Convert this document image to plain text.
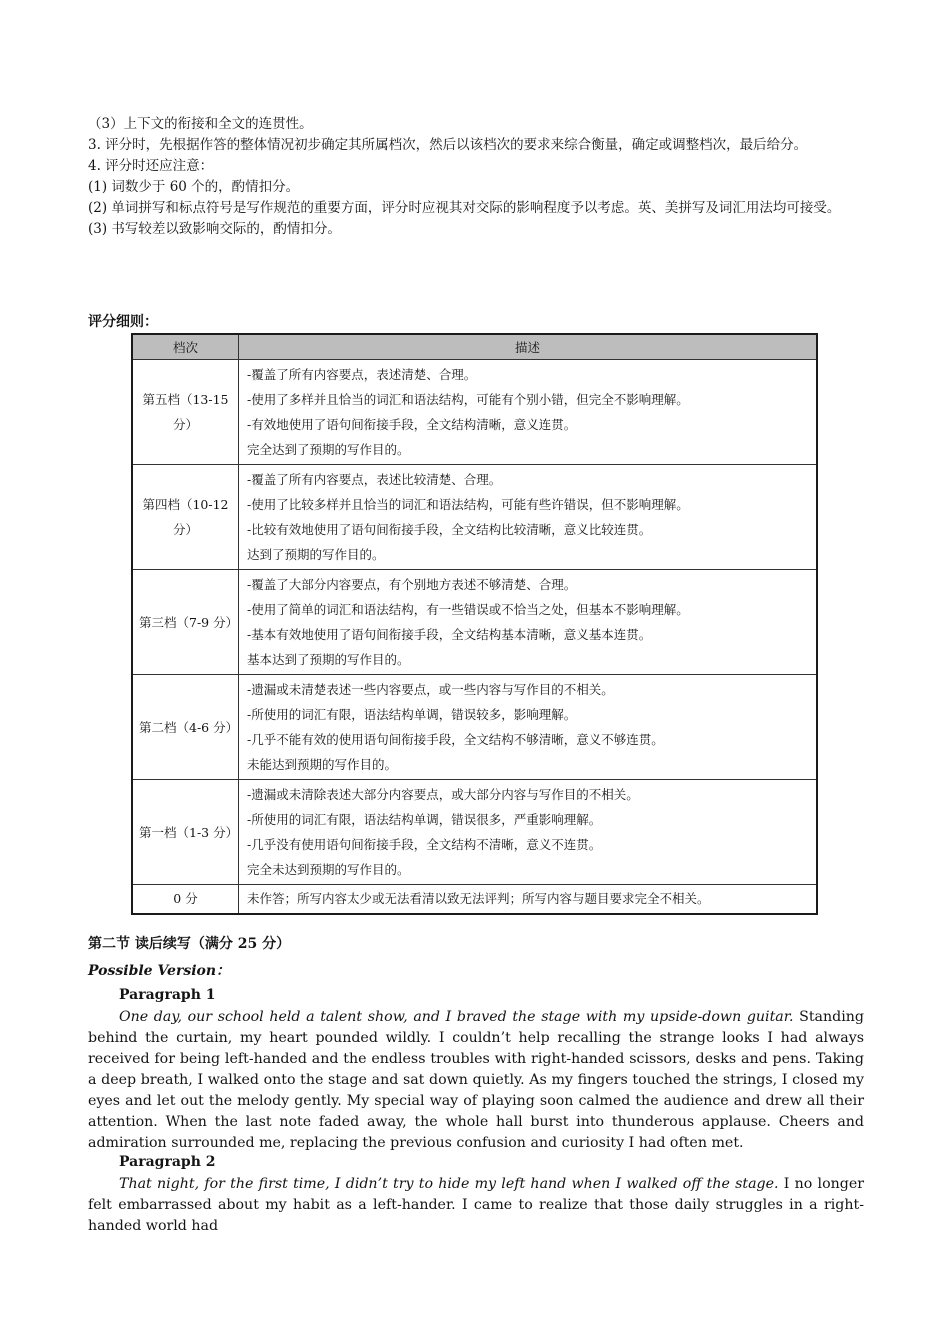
（3）上下文的衔接和全文的连贯性。

3. 评分时，先根据作答的整体情况初步确定其所属档次，然后以该档次的要求来综合衡量，确定或调整档次，最后给分。

4. 评分时还应注意：

(1) 词数少于 60 个的，酌情扣分。

(2) 单词拼写和标点符号是写作规范的重要方面，评分时应视其对交际的影响程度予以考虑。英、美拼写及词汇用法均可接受。

(3) 书写较差以致影响交际的，酌情扣分。

评分细则：
档次	描述
第五档（13-15 分）	-覆盖了所有内容要点，表述清楚、合理。
-使用了多样并且恰当的词汇和语法结构，可能有个别小错，但完全不影响理解。
-有效地使用了语句间衔接手段，全文结构清晰，意义连贯。
完全达到了预期的写作目的。

第四档（10-12 分）	-覆盖了所有内容要点，表述比较清楚、合理。
-使用了比较多样并且恰当的词汇和语法结构，可能有些许错误，但不影响理解。
-比较有效地使用了语句间衔接手段，全文结构比较清晰，意义比较连贯。
达到了预期的写作目的。

第三档（7-9 分）	-覆盖了大部分内容要点，有个别地方表述不够清楚、合理。
-使用了简单的词汇和语法结构，有一些错误或不恰当之处，但基本不影响理解。
-基本有效地使用了语句间衔接手段，全文结构基本清晰，意义基本连贯。
基本达到了预期的写作目的。

第二档（4-6 分）	-遗漏或未清楚表述一些内容要点，或一些内容与写作目的不相关。
-所使用的词汇有限，语法结构单调，错误较多，影响理解。
-几乎不能有效的使用语句间衔接手段，全文结构不够清晰，意义不够连贯。
未能达到预期的写作目的。

第一档（1-3 分）	-遗漏或未清除表述大部分内容要点，或大部分内容与写作目的不相关。
-所使用的词汇有限，语法结构单调，错误很多，严重影响理解。
-几乎没有使用语句间衔接手段，全文结构不清晰，意义不连贯。
完全未达到预期的写作目的。

0 分	未作答；所写内容太少或无法看清以致无法评判；所写内容与题目要求完全不相关。
第二节 读后续写（满分 25 分）
Possible Version：
Paragraph 1

One day, our school held a talent show, and I braved the stage with my upside-down guitar. Standing behind the curtain, my heart pounded wildly. I couldn’t help recalling the strange looks I had always received for being left-handed and the endless troubles with right-handed scissors, desks and pens. Taking a deep breath, I walked onto the stage and sat down quietly. As my fingers touched the strings, I closed my eyes and let out the melody gently. My special way of playing soon calmed the audience and drew all their attention. When the last note faded away, the whole hall burst into thunderous applause. Cheers and admiration surrounded me, replacing the previous confusion and curiosity I had often met.

Paragraph 2

That night, for the first time, I didn’t try to hide my left hand when I walked off the stage. I no longer felt embarrassed about my habit as a left-hander. I came to realize that those daily struggles in a right-handed world had
